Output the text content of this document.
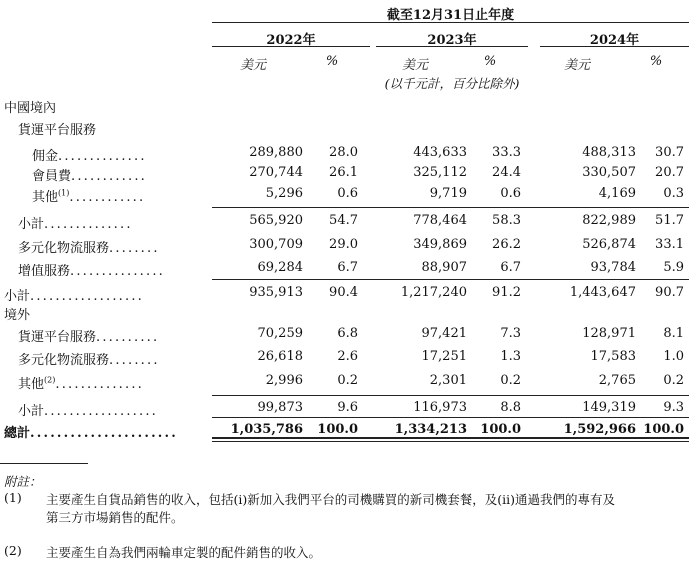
截至12月31日止年度
2022年	2023年	2024年
美元	%	美元	%	美元	%
(以千元計，百分比除外)
中國境內
貨運平台服務
境外
佣金..............	289,880	28.0	443,633	33.3	488,313	30.7
會員費............	270,744	26.1	325,112	24.4	330,507	20.7
其他$^{(1)}$............	5,296	0.6	9,719	0.6	4,169	0.3
小計..............	565,920	54.7	778,464	58.3	822,989	51.7
多元化物流服務........	300,709	29.0	349,869	26.2	526,874	33.1
增值服務...............	69,284	6.7	88,907	6.7	93,784	5.9
小計..................	935,913	90.4	1,217,240	91.2	1,443,647	90.7
貨運平台服務..........	70,259	6.8	97,421	7.3	128,971	8.1
多元化物流服務........	26,618	2.6	17,251	1.3	17,583	1.0
其他$^{(2)}$..............	2,996	0.2	2,301	0.2	2,765	0.2
小計..................	99,873	9.6	116,973	8.8	149,319	9.3
總計......................	1,035,786	100.0	1,334,213	100.0	1,592,966 100.0
附註：
(1) 主要產生自貨品銷售的收入，包括(i)新加入我們平台的司機購買的新司機套餐，及(ii)通過我們的專有及
第三方市場銷售的配件。
(2) 主要產生自為我們兩輪車定製的配件銷售的收入。
